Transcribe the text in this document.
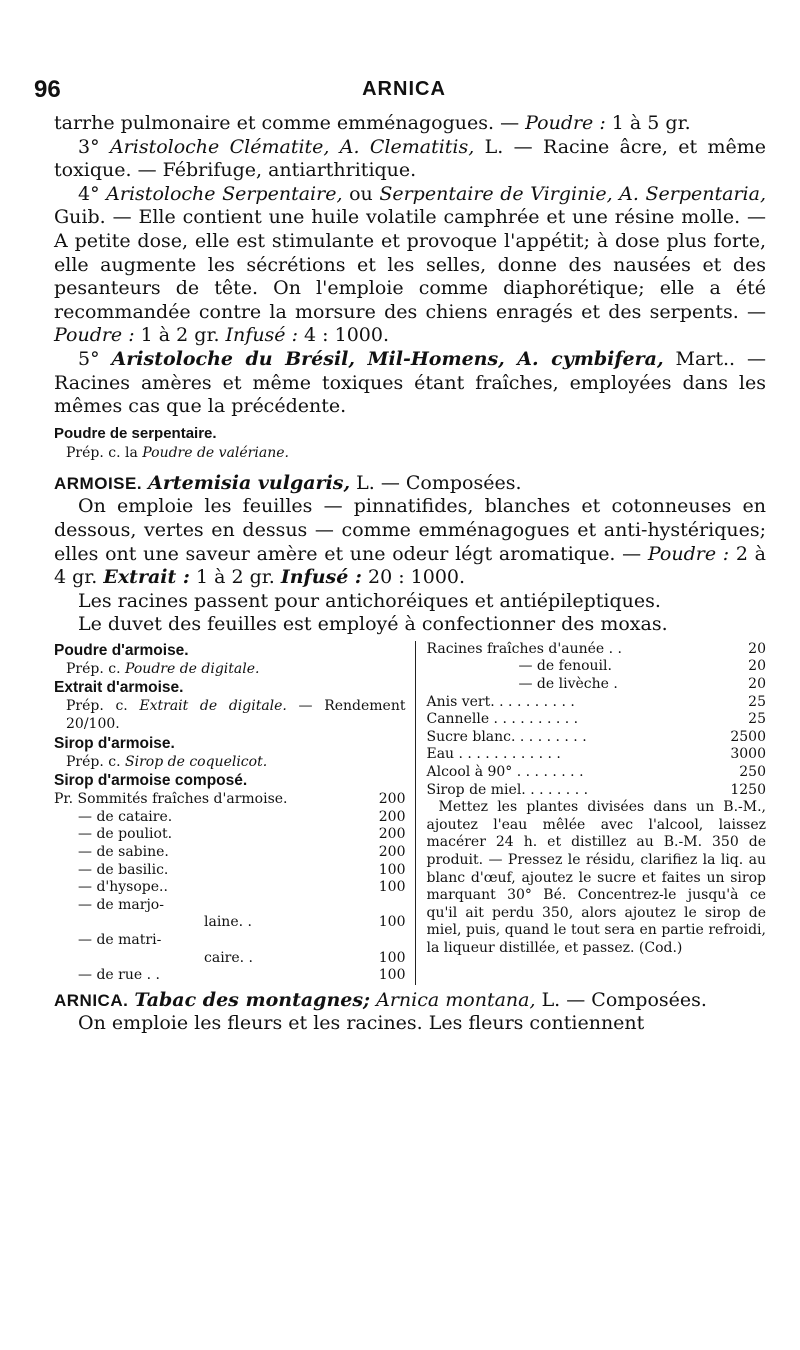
96	ARNICA

tarrhe pulmonaire et comme emménagogues. — Poudre : 1 à 5 gr.

3° Aristoloche Clématite, A. Clematitis, L. — Racine âcre, et même toxique. — Fébrifuge, antiarthritique.

4° Aristoloche Serpentaire, ou Serpentaire de Virginie, A. Serpentaria, Guib. — Elle contient une huile volatile camphrée et une résine molle. — A petite dose, elle est stimulante et provoque l'appétit; à dose plus forte, elle augmente les sécrétions et les selles, donne des nausées et des pesanteurs de tête. On l'emploie comme diaphorétique; elle a été recommandée contre la morsure des chiens enragés et des serpents. — Poudre : 1 à 2 gr. Infusé : 4 : 1000.

5° Aristoloche du Brésil, Mil-Homens, A. cymbifera, Mart.. — Racines amères et même toxiques étant fraîches, employées dans les mêmes cas que la précédente.

Poudre de serpentaire.
Prép. c. la Poudre de valériane.

ARMOISE. Artemisia vulgaris, L. — Composées.

On emploie les feuilles — pinnatifides, blanches et cotonneuses en dessous, vertes en dessus — comme emménagogues et anti-hystériques; elles ont une saveur amère et une odeur légt aromatique. — Poudre : 2 à 4 gr. Extrait : 1 à 2 gr. Infusé : 20 : 1000.

Les racines passent pour antichoréiques et antiépileptiques.

Le duvet des feuilles est employé à confectionner des moxas.

Poudre d'armoise.
Prép. c. Poudre de digitale.
Extrait d'armoise.
Prép. c. Extrait de digitale. — Rendement 20/100.
Sirop d'armoise.
Prép. c. Sirop de coquelicot.
Sirop d'armoise composé.
Pr. Sommités fraîches d'armoise.	200
— de cataire.	200
— de pouliot.	200
— de sabine.	200
— de basilic.	100
— d'hysope..	100
— de marjo-
laine. .	100
— de matri-
caire. .	100
— de rue . .	100
Racines fraîches d'aunée . .	20
— de fenouil.	20
— de livèche .	20
Anis vert. . . . . . . . . .	25
Cannelle . . . . . . . . . .	25
Sucre blanc. . . . . . . . .	2500
Eau . . . . . . . . . . . .	3000
Alcool à 90° . . . . . . . .	250
Sirop de miel. . . . . . . .	1250
Mettez les plantes divisées dans un B.-M., ajoutez l'eau mêlée avec l'alcool, laissez macérer 24 h. et distillez au B.-M. 350 de produit. — Pressez le résidu, clarifiez la liq. au blanc d'œuf, ajoutez le sucre et faites un sirop marquant 30° Bé. Concentrez-le jusqu'à ce qu'il ait perdu 350, alors ajoutez le sirop de miel, puis, quand le tout sera en partie refroidi, la liqueur distillée, et passez. (Cod.)

ARNICA. Tabac des montagnes; Arnica montana, L. — Composées.

On emploie les fleurs et les racines. Les fleurs contiennent
